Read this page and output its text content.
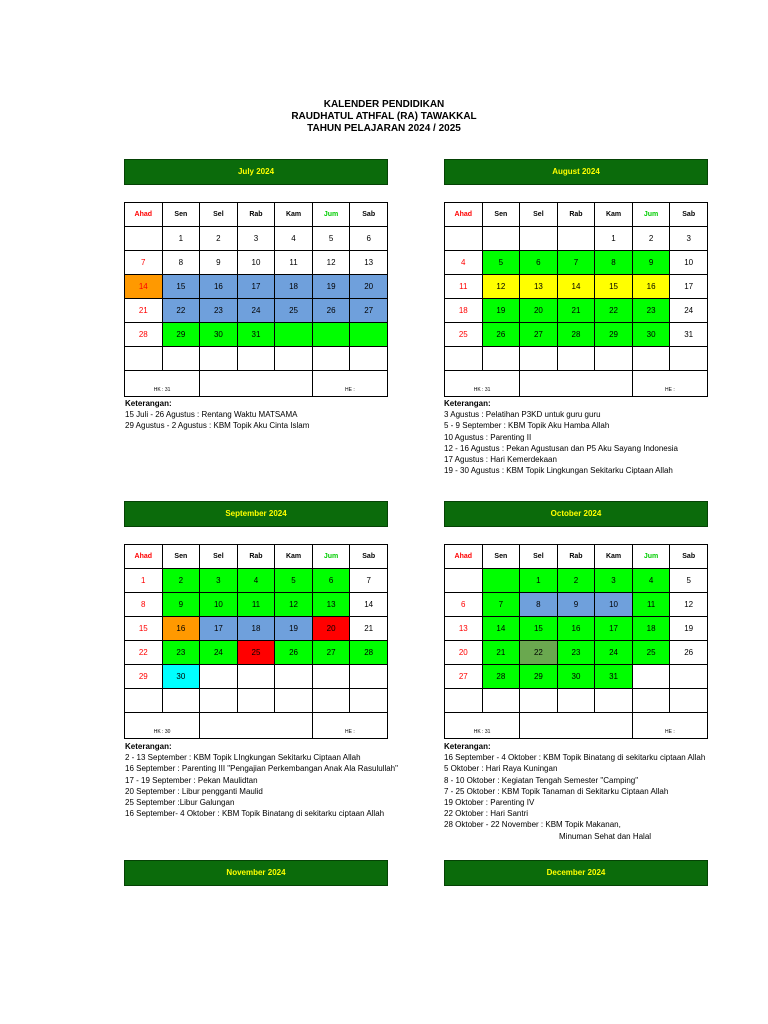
KALENDER PENDIDIKAN
RAUDHATUL ATHFAL (RA) TAWAKKAL
TAHUN PELAJARAN 2024 / 2025
July 2024

Ahad	Sen	Sel	Rab	Kam	Jum	Sab
	1	2	3	4	5	6
7	8	9	10	11	12	13
14	15	16	17	18	19	20
21	22	23	24	25	26	27
28	29	30	31			

HK : 31					HE :	
August 2024

Ahad	Sen	Sel	Rab	Kam	Jum	Sab
				1	2	3
4	5	6	7	8	9	10
11	12	13	14	15	16	17
18	19	20	21	22	23	24
25	26	27	28	29	30	31

HK : 31					HE :	
September 2024

Ahad	Sen	Sel	Rab	Kam	Jum	Sab
1	2	3	4	5	6	7
8	9	10	11	12	13	14
15	16	17	18	19	20	21
22	23	24	25	26	27	28
29	30					

HK : 30					HE :	
October 2024

Ahad	Sen	Sel	Rab	Kam	Jum	Sab
		1	2	3	4	5
6	7	8	9	10	11	12
13	14	15	16	17	18	19
20	21	22	23	24	25	26
27	28	29	30	31		

HK : 31					HE :	
Keterangan:
15 Juli - 26 Agustus : Rentang Waktu MATSAMA
29 Agustus - 2 Agustus : KBM Topik Aku Cinta Islam
Keterangan:
3 Agustus : Pelatihan P3KD untuk guru guru
5 - 9 September : KBM Topik Aku Hamba Allah
10 Agustus : Parenting II
12 - 16 Agustus : Pekan Agustusan dan P5 Aku Sayang Indonesia
17 Agustus : Hari Kemerdekaan
19 - 30 Agustus : KBM Topik Lingkungan Sekitarku Ciptaan Allah
Keterangan:
2 - 13 September : KBM Topik LIngkungan Sekitarku Ciptaan Allah
16 September : Parenting III "Pengajian Perkembangan Anak Ala Rasulullah"
17 - 19 September : Pekan Maulidtan
20 September : Libur pengganti Maulid
25 September :Libur Galungan
16 September- 4 Oktober : KBM Topik Binatang di sekitarku ciptaan Allah
Keterangan:
16 September - 4 Oktober : KBM Topik Binatang di sekitarku ciptaan Allah
5 Oktober : Hari Raya Kuningan
8 - 10 Oktober : Kegiatan Tengah Semester "Camping"
7 - 25 Oktober : KBM Topik Tanaman di Sekitarku Ciptaan Allah
19 Oktober : Parenting IV
22 Oktober : Hari Santri
28 Oktober - 22 November : KBM Topik Makanan,
Minuman Sehat dan Halal
November 2024	December 2024
